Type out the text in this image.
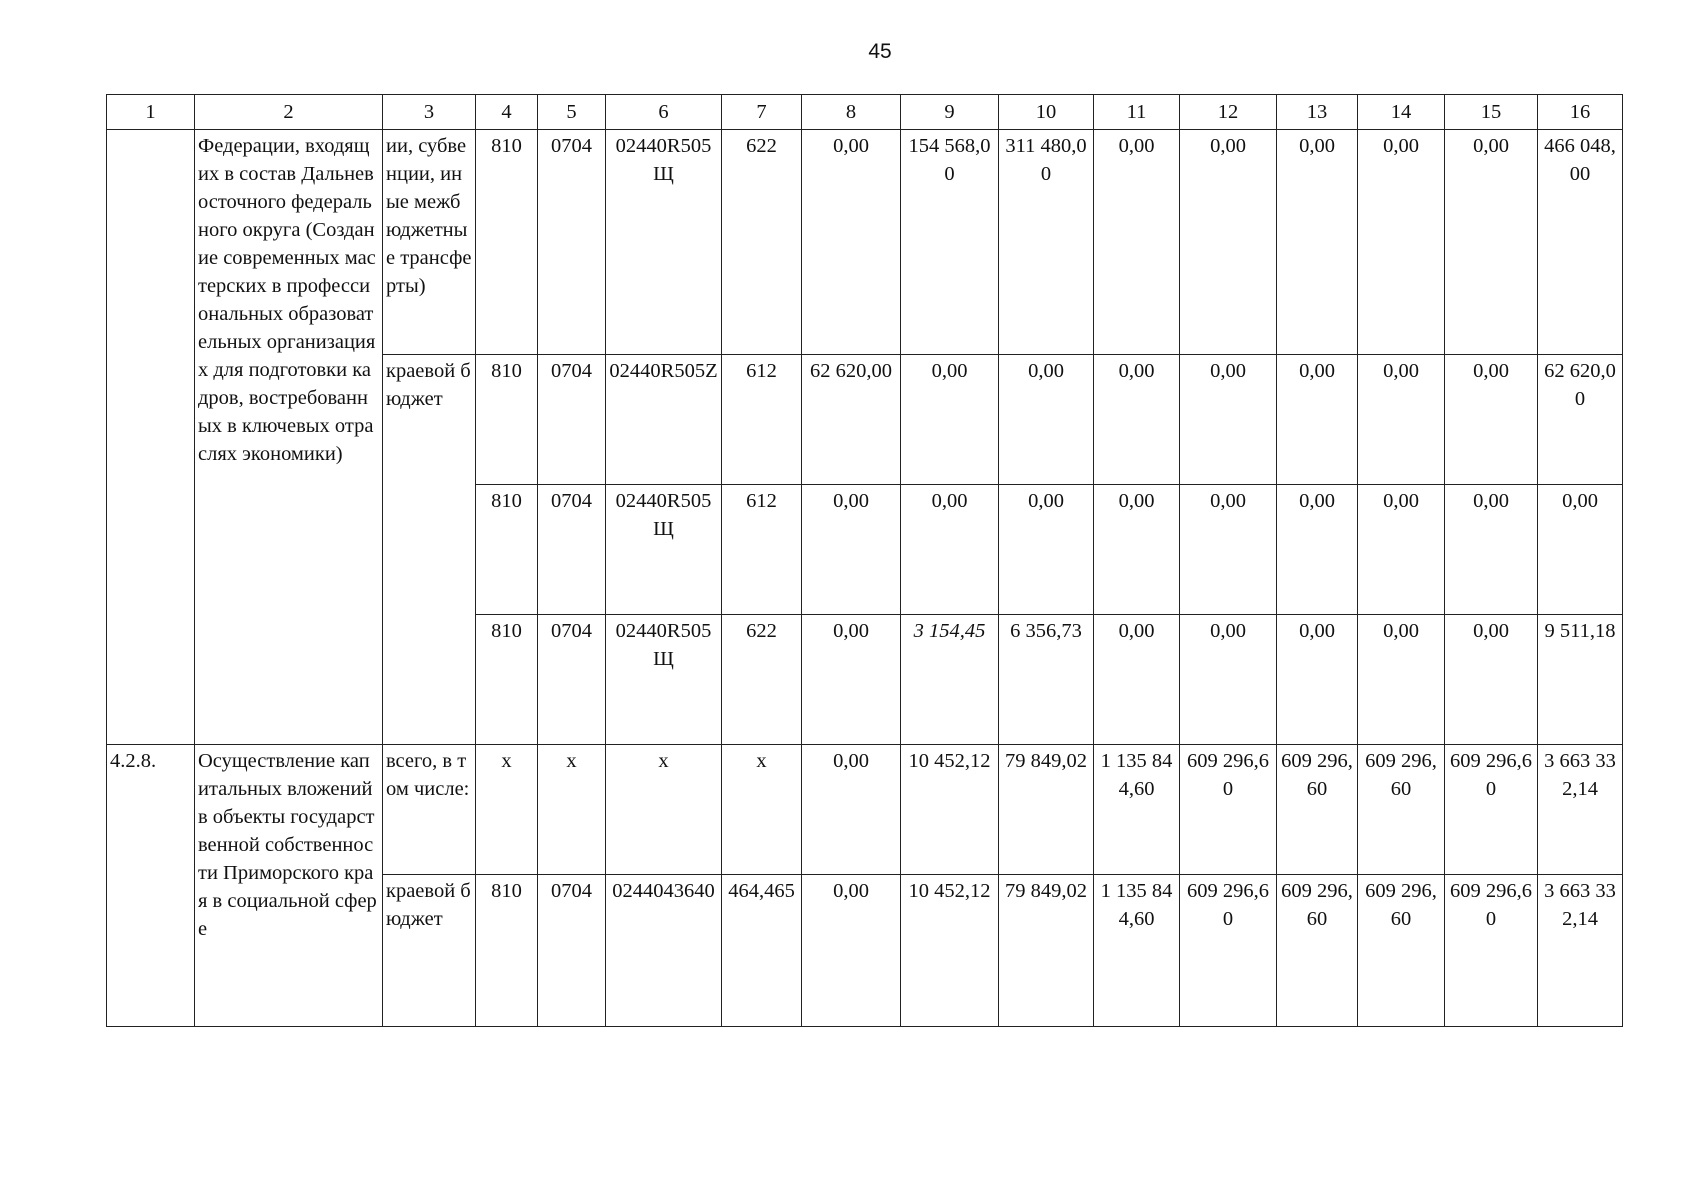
45
1	2	3	4	5	6	7	8	9	10	11	12	13	14	15	16
	Федерации, входящих в состав Дальневосточного федерального округа (Создание современных мастерских в профессиональных образовательных организациях для подготовки кадров, востребованных в ключевых отраслях экономики)	ии, субвенции, иные межбюджетные трансферты)	810	0704	02440R505Щ	622	0,00	154 568,00	311 480,00	0,00	0,00	0,00	0,00	0,00	466 048,00
		краевой бюджет	810	0704	02440R505Z	612	62 620,00	0,00	0,00	0,00	0,00	0,00	0,00	0,00	62 620,00
			810	0704	02440R505Щ	612	0,00	0,00	0,00	0,00	0,00	0,00	0,00	0,00	0,00
			810	0704	02440R505Щ	622	0,00	3 154,45	6 356,73	0,00	0,00	0,00	0,00	0,00	9 511,18
4.2.8.	Осуществление капитальных вложений в объекты государственной собственности Приморского края в социальной сфере	всего, в том числе:	x	x	x	x	0,00	10 452,12	79 849,02	1 135 844,60	609 296,60	609 296,60	609 296,60	609 296,60	3 663 332,14
		краевой бюджет	810	0704	0244043640	464,465	0,00	10 452,12	79 849,02	1 135 844,60	609 296,60	609 296,60	609 296,60	609 296,60	3 663 332,14
